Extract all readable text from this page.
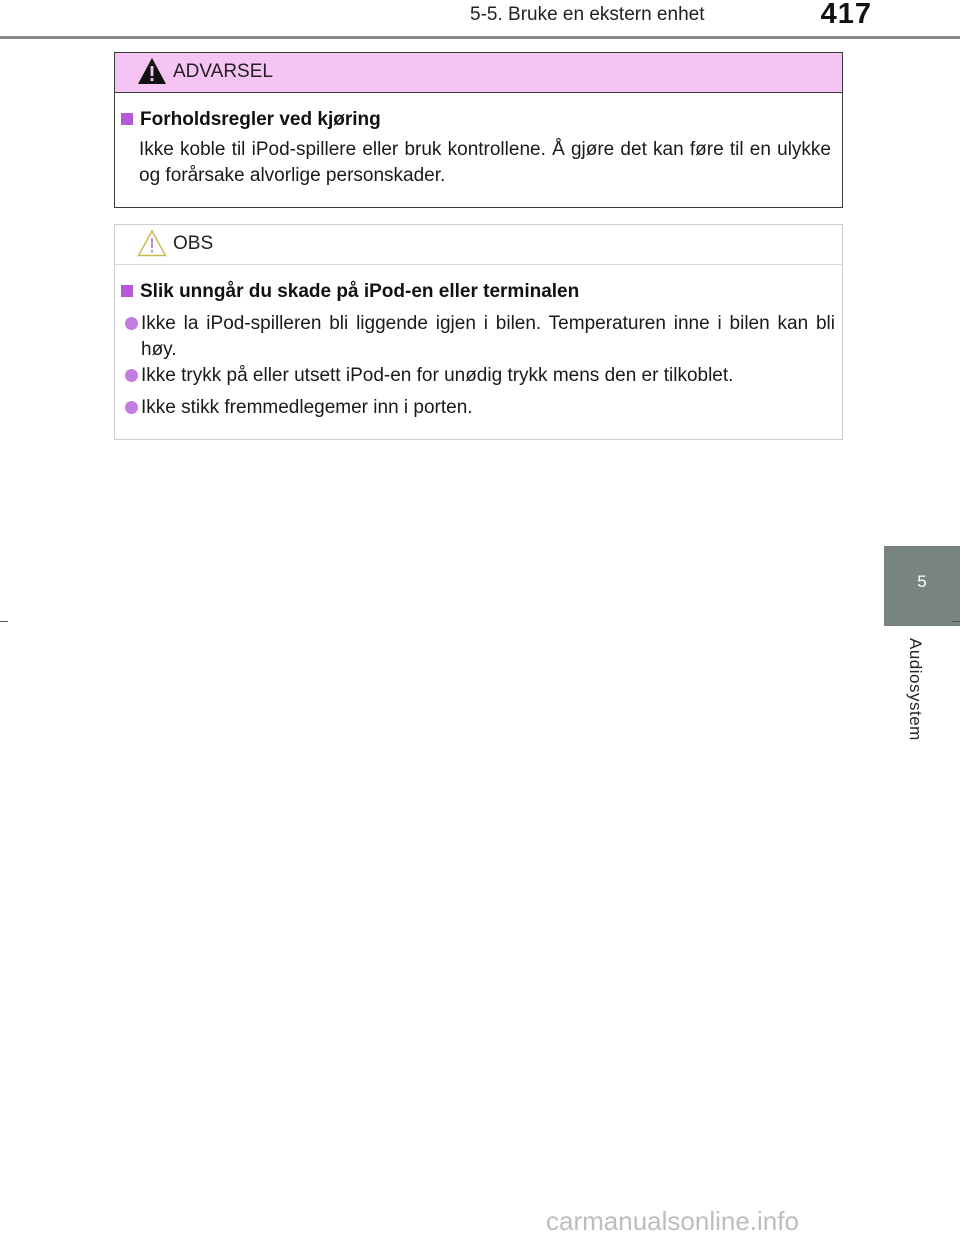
5-5. Bruke en ekstern enhet	417
5
Audiosystem
ADVARSEL
Forholdsregler ved kjøring
Ikke koble til iPod-spillere eller bruk kontrollene. Å gjøre det kan føre til en ulykke og forårsake alvorlige personskader.
OBS
Slik unngår du skade på iPod-en eller terminalen
Ikke la iPod-spilleren bli liggende igjen i bilen. Temperaturen inne i bilen kan bli høy.
Ikke trykk på eller utsett iPod-en for unødig trykk mens den er tilkoblet.
Ikke stikk fremmedlegemer inn i porten.
carmanualsonline.info
